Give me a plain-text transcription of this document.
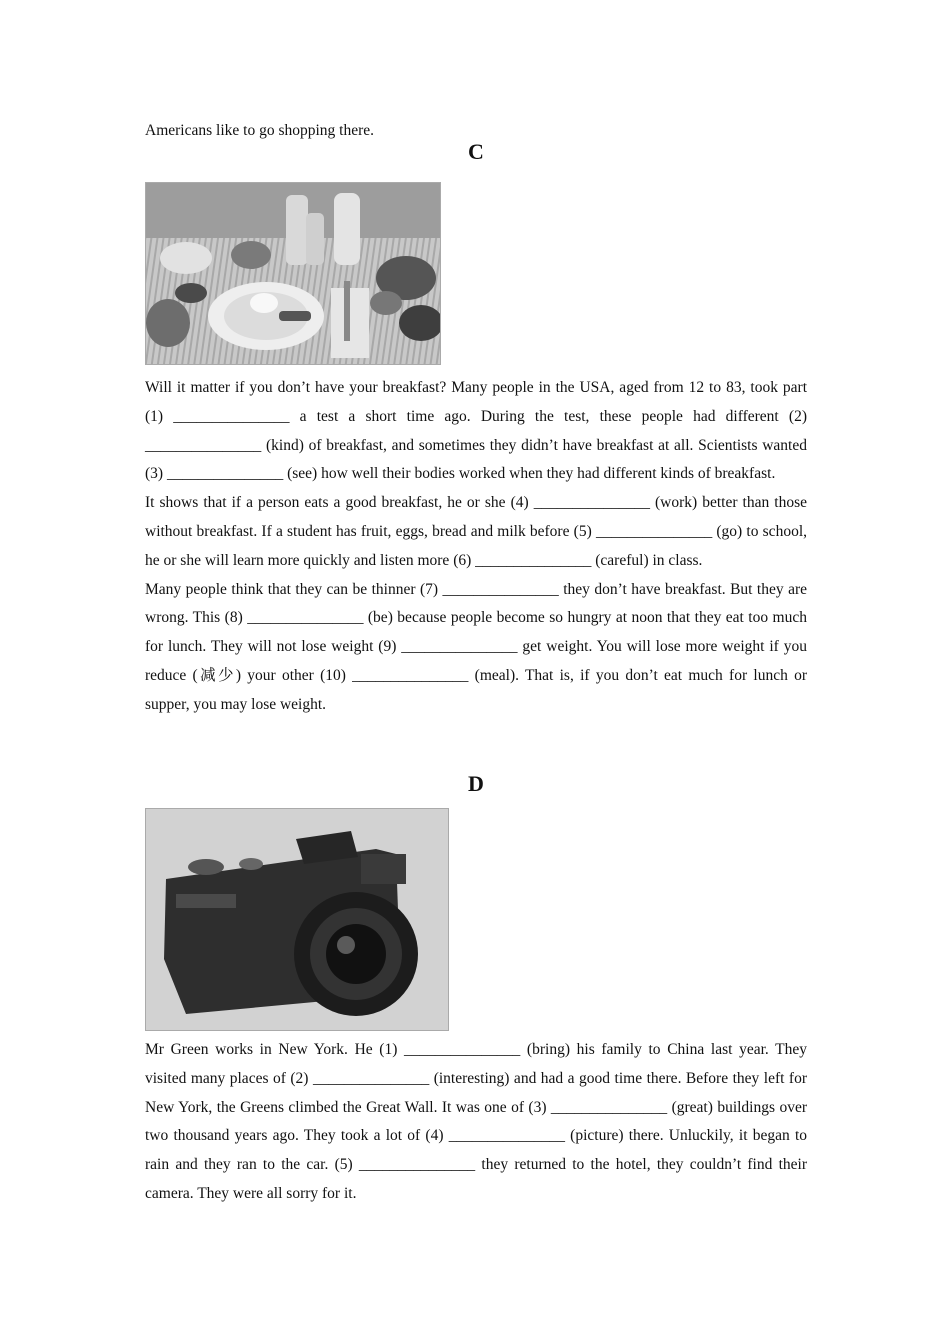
Americans like to go shopping there.

C

Will it matter if you don’t have your breakfast? Many people in the USA, aged from 12 to 83, took part (1) _______________ a test a short time ago. During the test, these people had different (2) _______________ (kind) of breakfast, and sometimes they didn’t have breakfast at all. Scientists wanted (3) _______________ (see) how well their bodies worked when they had different kinds of breakfast.

It shows that if a person eats a good breakfast, he or she (4) _______________ (work) better than those without breakfast. If a student has fruit, eggs, bread and milk before (5) _______________ (go) to school, he or she will learn more quickly and listen more (6) _______________ (careful) in class.

Many people think that they can be thinner (7) _______________ they don’t have breakfast. But they are wrong. This (8) _______________ (be) because people become so hungry at noon that they eat too much for lunch. They will not lose weight (9) _______________ get weight. You will lose more weight if you reduce (减少) your other (10) _______________ (meal). That is, if you don’t eat much for lunch or supper, you may lose weight.

D

Mr Green works in New York. He (1) _______________ (bring) his family to China last year. They visited many places of (2) _______________ (interesting) and had a good time there. Before they left for New York, the Greens climbed the Great Wall. It was one of (3) _______________ (great) buildings over two thousand years ago. They took a lot of (4) _______________ (picture) there. Unluckily, it began to rain and they ran to the car. (5) _______________ they returned to the hotel, they couldn’t find their camera. They were all sorry for it.
